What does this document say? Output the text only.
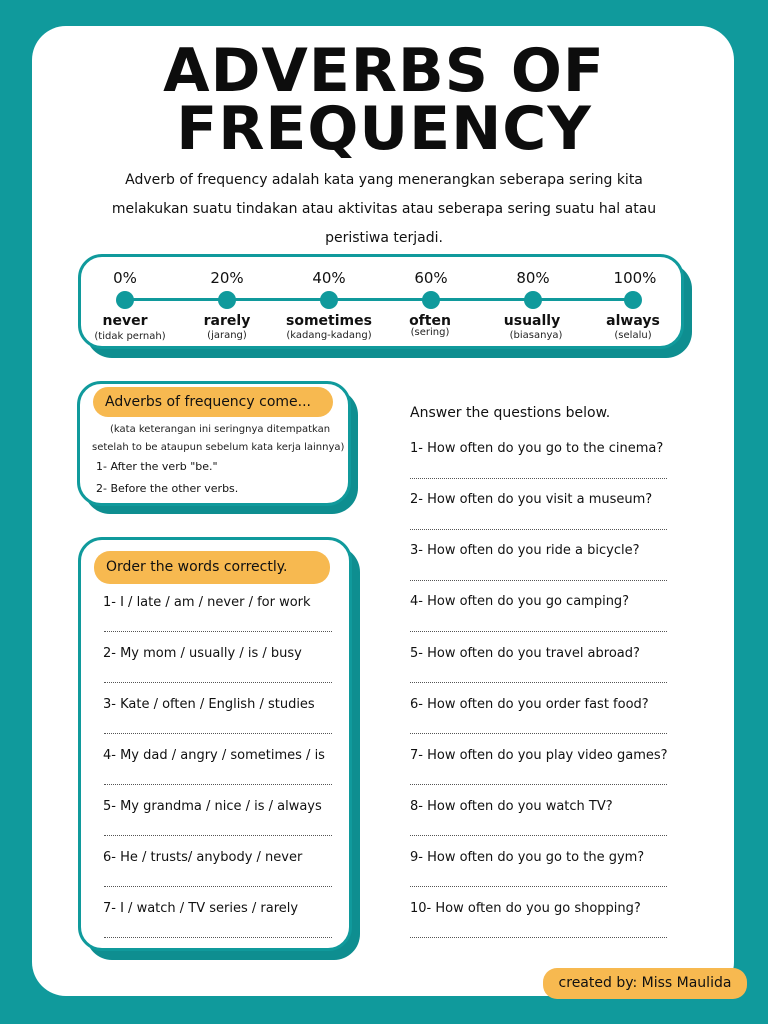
ADVERBS OF
FREQUENCY
Adverb of frequency adalah kata yang menerangkan seberapa sering kita
melakukan suatu tindakan atau aktivitas atau seberapa sering suatu hal atau
peristiwa terjadi.
0%	20%	40%	60%	80%	100%
never	rarely	sometimes	often	usually	always
(tidak pernah)	(jarang)	(kadang-kadang)	(sering)	(biasanya)	(selalu)
Adverbs of frequency come...
(kata keterangan ini seringnya ditempatkan
setelah to be ataupun sebelum kata kerja lainnya)
1- After the verb "be."
2- Before the other verbs.
Order the words correctly.
1- I / late / am / never / for work
2- My mom / usually / is / busy
3- Kate / often / English / studies
4- My dad / angry / sometimes / is
5- My grandma / nice / is / always
6- He / trusts/ anybody / never
7- I / watch / TV series / rarely
Answer the questions below.
1- How often do you go to the cinema?
2- How often do you visit a museum?
3- How often do you ride a bicycle?
4- How often do you go camping?
5- How often do you travel abroad?
6- How often do you order fast food?
7- How often do you play video games?
8- How often do you watch TV?
9- How often do you go to the gym?
10- How often do you go shopping?
created by: Miss Maulida
